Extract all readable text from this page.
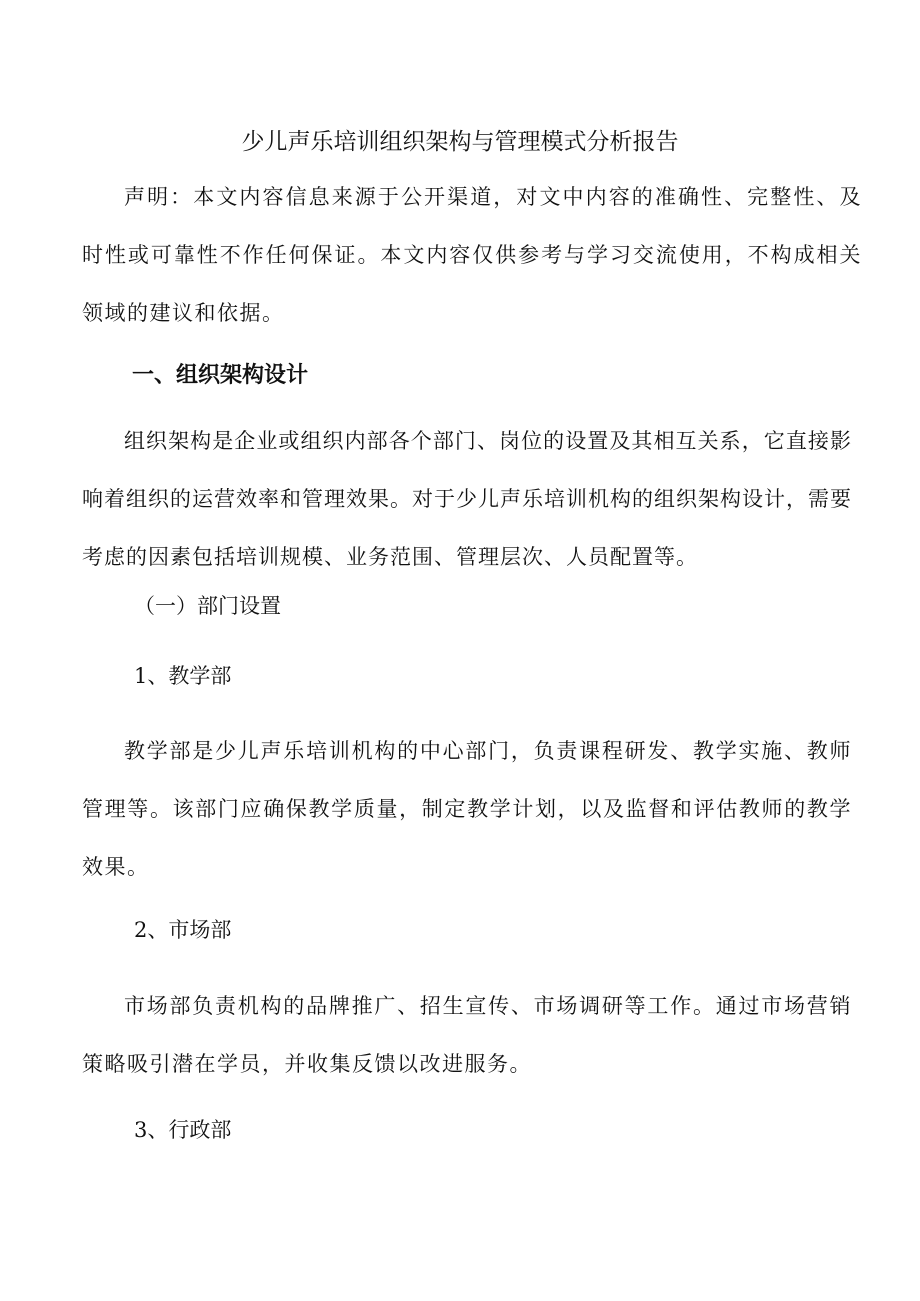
少儿声乐培训组织架构与管理模式分析报告

声明：本文内容信息来源于公开渠道，对文中内容的准确性、完整性、及时性或可靠性不作任何保证。本文内容仅供参考与学习交流使用，不构成相关领域的建议和依据。

一、组织架构设计

组织架构是企业或组织内部各个部门、岗位的设置及其相互关系，它直接影响着组织的运营效率和管理效果。对于少儿声乐培训机构的组织架构设计，需要考虑的因素包括培训规模、业务范围、管理层次、人员配置等。

（一）部门设置
1、教学部

教学部是少儿声乐培训机构的中心部门，负责课程研发、教学实施、教师管理等。该部门应确保教学质量，制定教学计划，以及监督和评估教师的教学效果。

2、市场部

市场部负责机构的品牌推广、招生宣传、市场调研等工作。通过市场营销策略吸引潜在学员，并收集反馈以改进服务。

3、行政部
